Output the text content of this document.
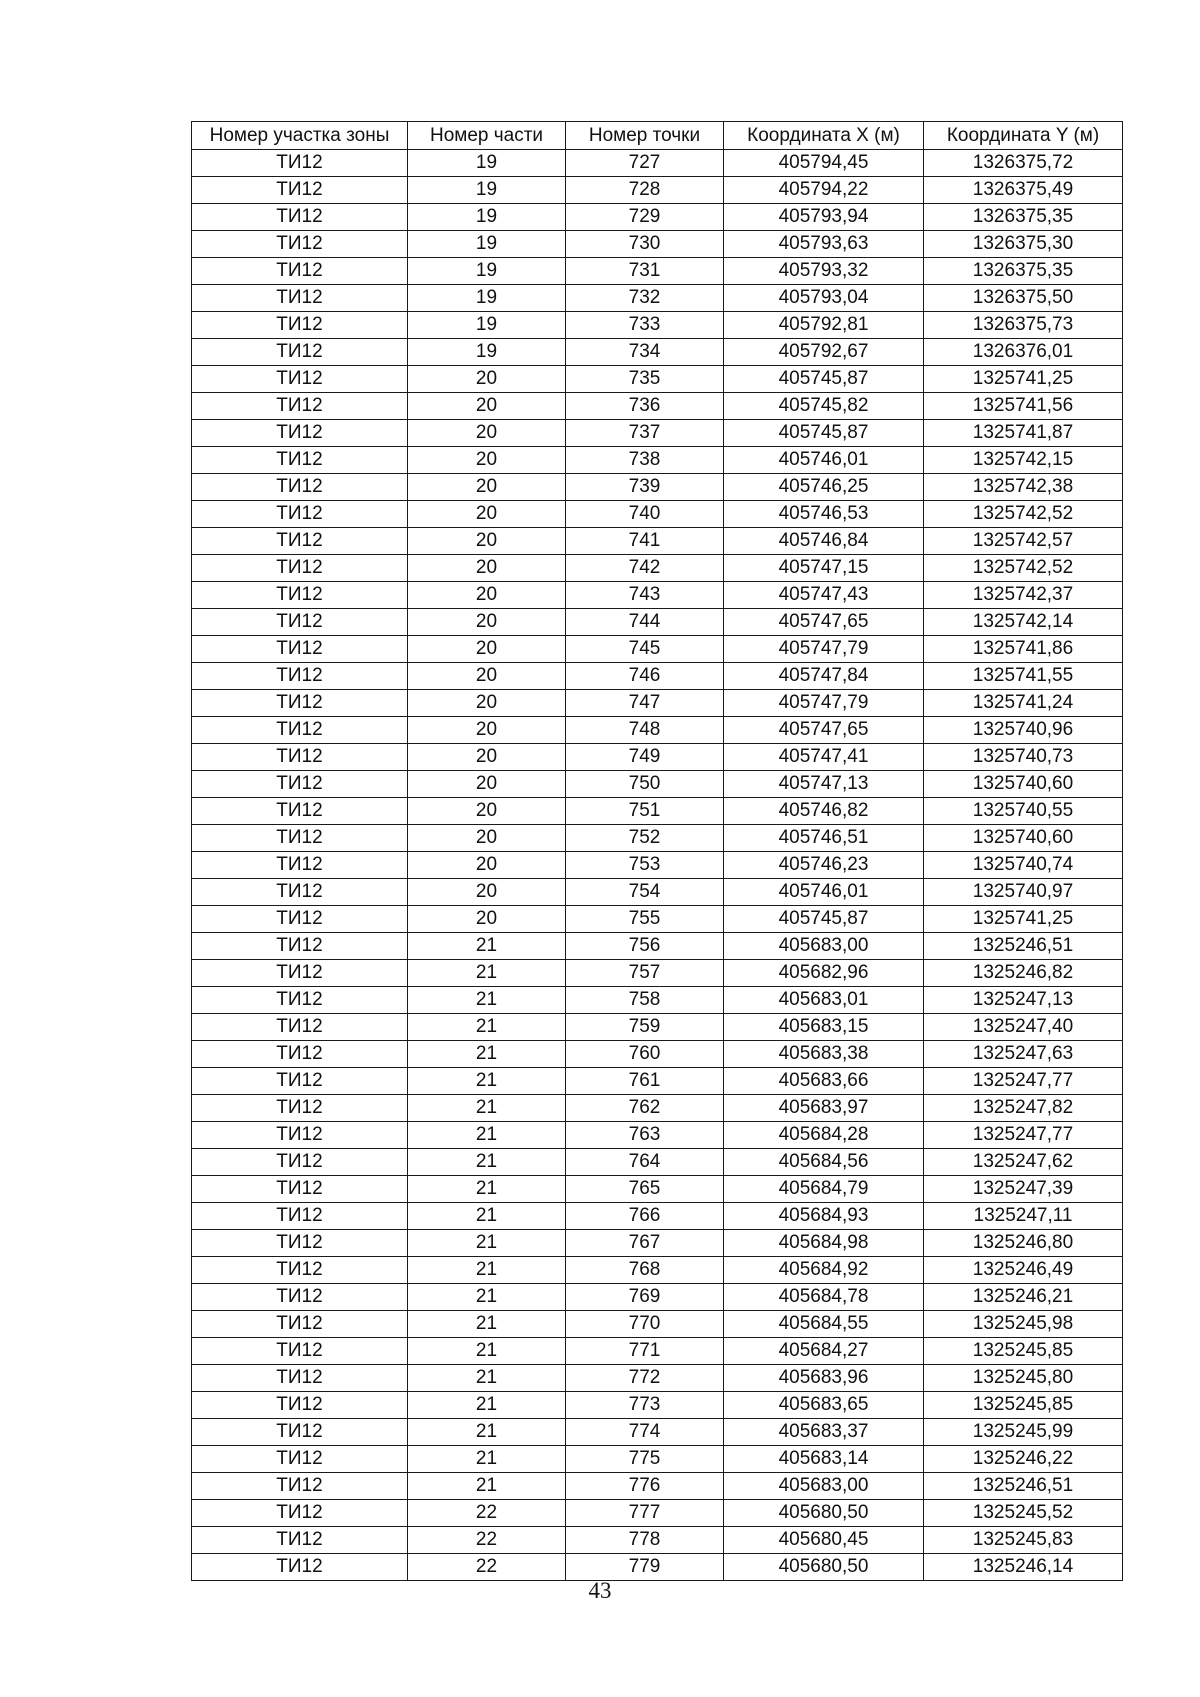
Номер участка зоны	Номер части	Номер точки	Координата X (м)	Координата Y (м)
ТИ12	19	727	405794,45	1326375,72
ТИ12	19	728	405794,22	1326375,49
ТИ12	19	729	405793,94	1326375,35
ТИ12	19	730	405793,63	1326375,30
ТИ12	19	731	405793,32	1326375,35
ТИ12	19	732	405793,04	1326375,50
ТИ12	19	733	405792,81	1326375,73
ТИ12	19	734	405792,67	1326376,01
ТИ12	20	735	405745,87	1325741,25
ТИ12	20	736	405745,82	1325741,56
ТИ12	20	737	405745,87	1325741,87
ТИ12	20	738	405746,01	1325742,15
ТИ12	20	739	405746,25	1325742,38
ТИ12	20	740	405746,53	1325742,52
ТИ12	20	741	405746,84	1325742,57
ТИ12	20	742	405747,15	1325742,52
ТИ12	20	743	405747,43	1325742,37
ТИ12	20	744	405747,65	1325742,14
ТИ12	20	745	405747,79	1325741,86
ТИ12	20	746	405747,84	1325741,55
ТИ12	20	747	405747,79	1325741,24
ТИ12	20	748	405747,65	1325740,96
ТИ12	20	749	405747,41	1325740,73
ТИ12	20	750	405747,13	1325740,60
ТИ12	20	751	405746,82	1325740,55
ТИ12	20	752	405746,51	1325740,60
ТИ12	20	753	405746,23	1325740,74
ТИ12	20	754	405746,01	1325740,97
ТИ12	20	755	405745,87	1325741,25
ТИ12	21	756	405683,00	1325246,51
ТИ12	21	757	405682,96	1325246,82
ТИ12	21	758	405683,01	1325247,13
ТИ12	21	759	405683,15	1325247,40
ТИ12	21	760	405683,38	1325247,63
ТИ12	21	761	405683,66	1325247,77
ТИ12	21	762	405683,97	1325247,82
ТИ12	21	763	405684,28	1325247,77
ТИ12	21	764	405684,56	1325247,62
ТИ12	21	765	405684,79	1325247,39
ТИ12	21	766	405684,93	1325247,11
ТИ12	21	767	405684,98	1325246,80
ТИ12	21	768	405684,92	1325246,49
ТИ12	21	769	405684,78	1325246,21
ТИ12	21	770	405684,55	1325245,98
ТИ12	21	771	405684,27	1325245,85
ТИ12	21	772	405683,96	1325245,80
ТИ12	21	773	405683,65	1325245,85
ТИ12	21	774	405683,37	1325245,99
ТИ12	21	775	405683,14	1325246,22
ТИ12	21	776	405683,00	1325246,51
ТИ12	22	777	405680,50	1325245,52
ТИ12	22	778	405680,45	1325245,83
ТИ12	22	779	405680,50	1325246,14
43
